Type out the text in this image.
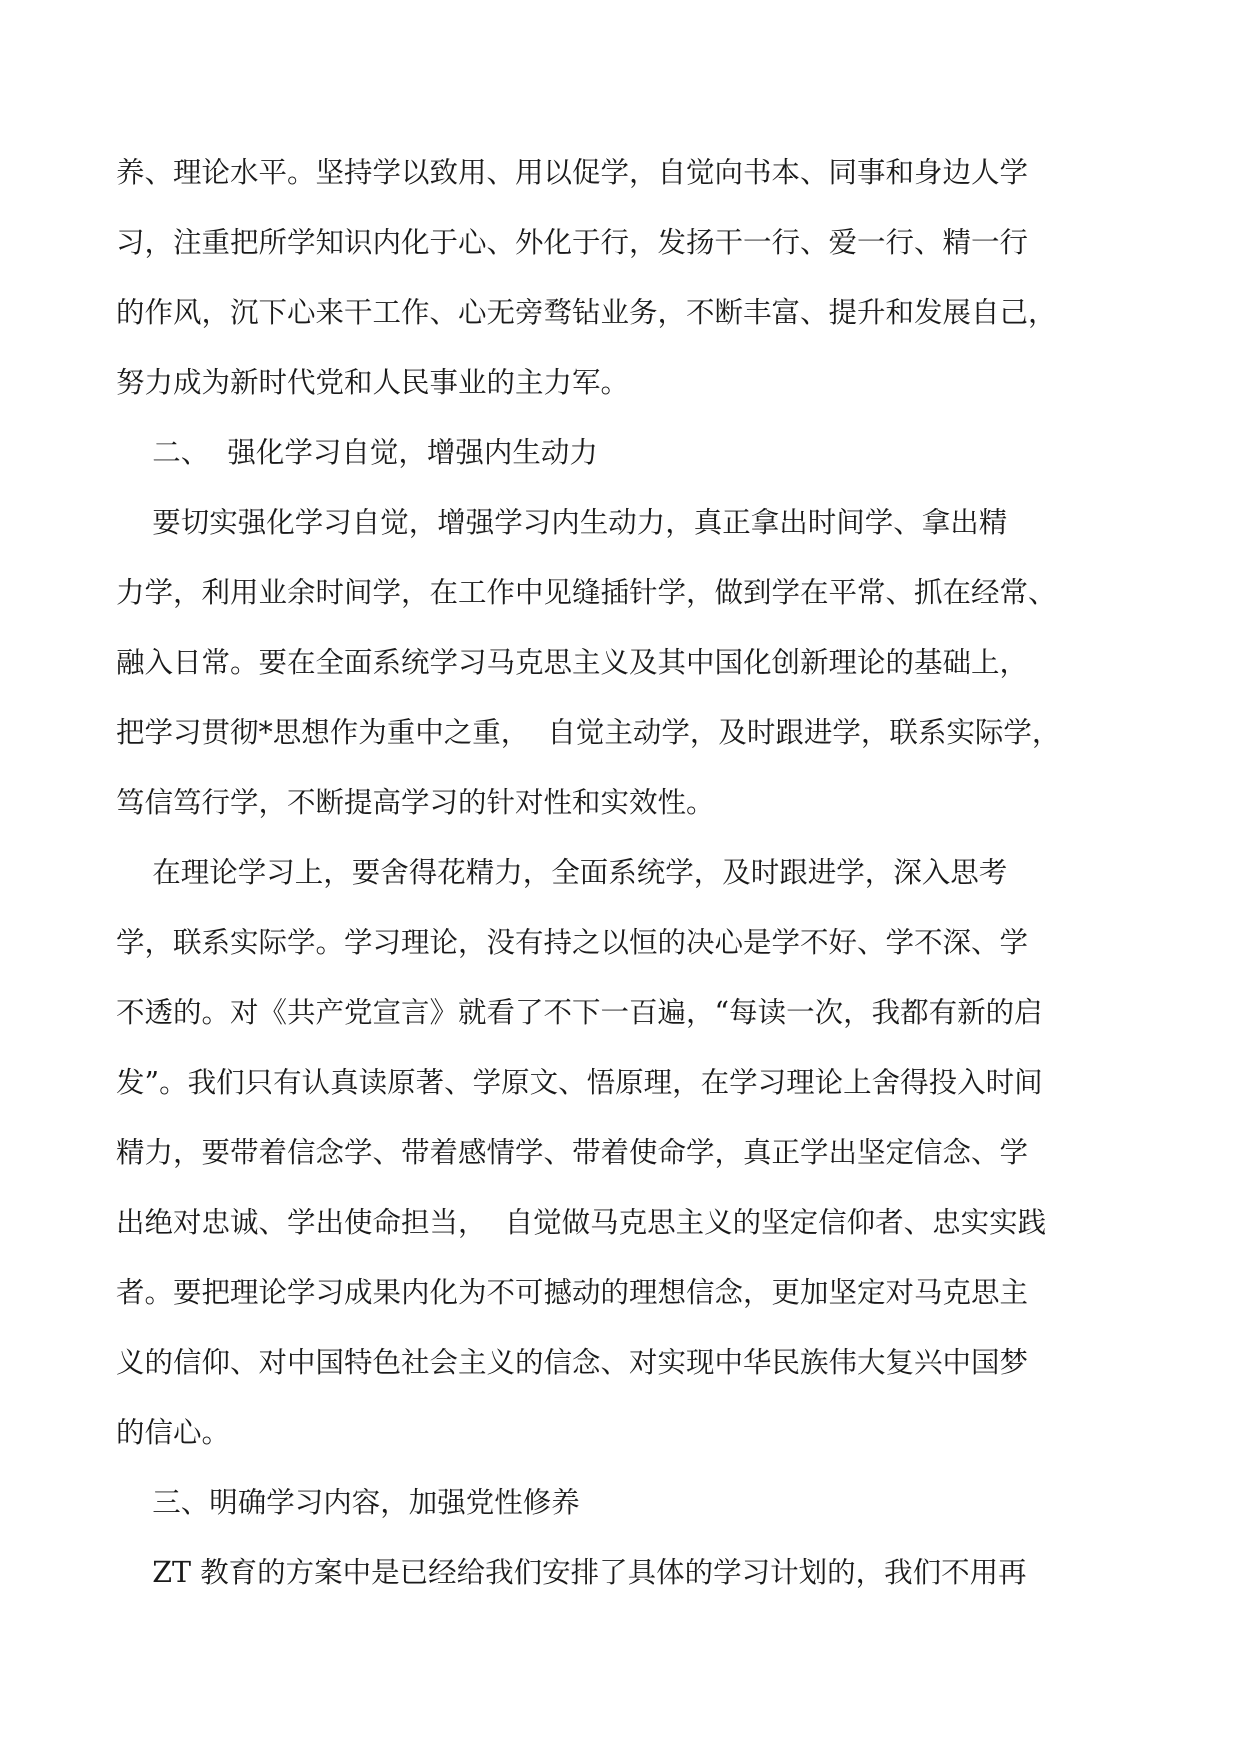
养、理论水平。坚持学以致用、用以促学，自觉向书本、同事和身边人学
习，注重把所学知识内化于心、外化于行，发扬干一行、爱一行、精一行
的作风，沉下心来干工作、心无旁骛钻业务，不断丰富、提升和发展自己，
努力成为新时代党和人民事业的主力军。
二、  强化学习自觉，增强内生动力
要切实强化学习自觉，增强学习内生动力，真正拿出时间学、拿出精
力学，利用业余时间学，在工作中见缝插针学，做到学在平常、抓在经常、
融入日常。要在全面系统学习马克思主义及其中国化创新理论的基础上，
把学习贯彻*思想作为重中之重，  自觉主动学，及时跟进学，联系实际学，
笃信笃行学，不断提高学习的针对性和实效性。
在理论学习上，要舍得花精力，全面系统学，及时跟进学，深入思考
学，联系实际学。学习理论，没有持之以恒的决心是学不好、学不深、学
不透的。对《共产党宣言》就看了不下一百遍，“每读一次，我都有新的启
发”。我们只有认真读原著、学原文、悟原理，在学习理论上舍得投入时间
精力，要带着信念学、带着感情学、带着使命学，真正学出坚定信念、学
出绝对忠诚、学出使命担当，  自觉做马克思主义的坚定信仰者、忠实实践
者。要把理论学习成果内化为不可撼动的理想信念，更加坚定对马克思主
义的信仰、对中国特色社会主义的信念、对实现中华民族伟大复兴中国梦
的信心。
三、明确学习内容，加强党性修养
ZT 教育的方案中是已经给我们安排了具体的学习计划的，我们不用再
